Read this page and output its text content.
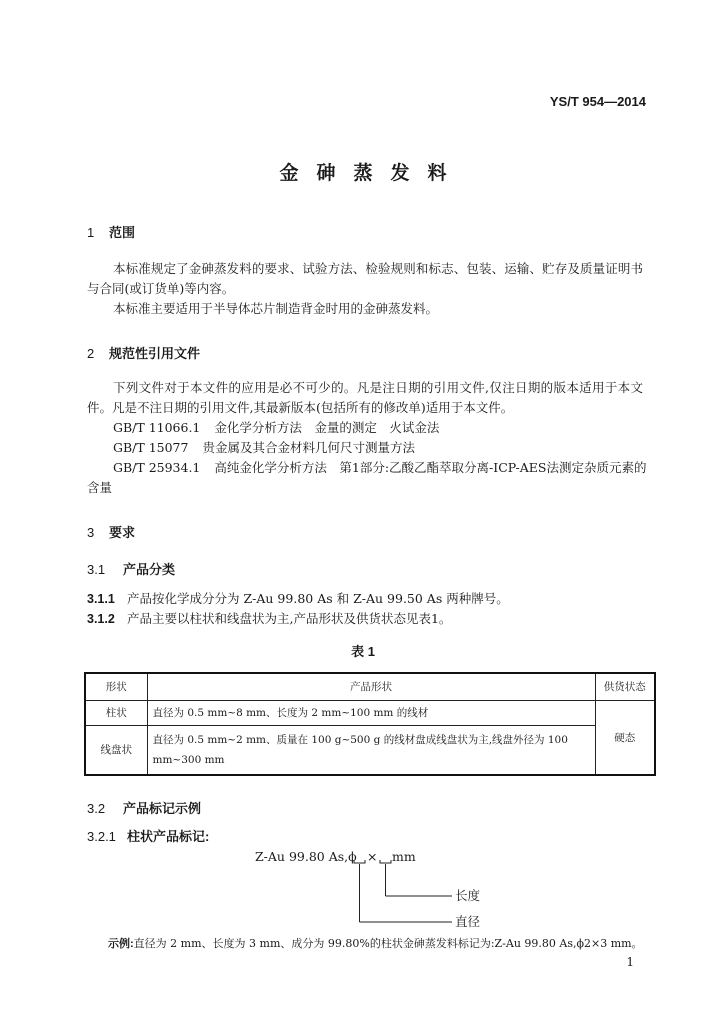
YS/T 954—2014
金砷蒸发料
1 范围
本标准规定了金砷蒸发料的要求、试验方法、检验规则和标志、包装、运输、贮存及质量证明书与合同(或订货单)等内容。
本标准主要适用于半导体芯片制造背金时用的金砷蒸发料。
2 规范性引用文件
下列文件对于本文件的应用是必不可少的。凡是注日期的引用文件,仅注日期的版本适用于本文件。凡是不注日期的引用文件,其最新版本(包括所有的修改单)适用于本文件。
GB/T 11066.1 金化学分析方法　金量的测定　火试金法
GB/T 15077 贵金属及其合金材料几何尺寸测量方法
GB/T 25934.1 高纯金化学分析方法　第1部分:乙酸乙酯萃取分离-ICP-AES法测定杂质元素的含量
3 要求
3.1 产品分类
3.1.1 产品按化学成分分为 Z-Au 99.80 As 和 Z-Au 99.50 As 两种牌号。
3.1.2 产品主要以柱状和线盘状为主,产品形状及供货状态见表1。
表 1
形状	产品形状	供货状态
柱状	直径为 0.5 mm~8 mm、长度为 2 mm~100 mm 的线材	硬态
线盘状	直径为 0.5 mm~2 mm、质量在 100 g~500 g 的线材盘成线盘状为主,线盘外径为 100 mm~300 mm	
3.2 产品标记示例
3.2.1 柱状产品标记:
Z-Au 99.80 As,ϕ × mm
长度
直径
示例:直径为 2 mm、长度为 3 mm、成分为 99.80%的柱状金砷蒸发料标记为:Z-Au 99.80 As,ϕ2×3 mm。
1
